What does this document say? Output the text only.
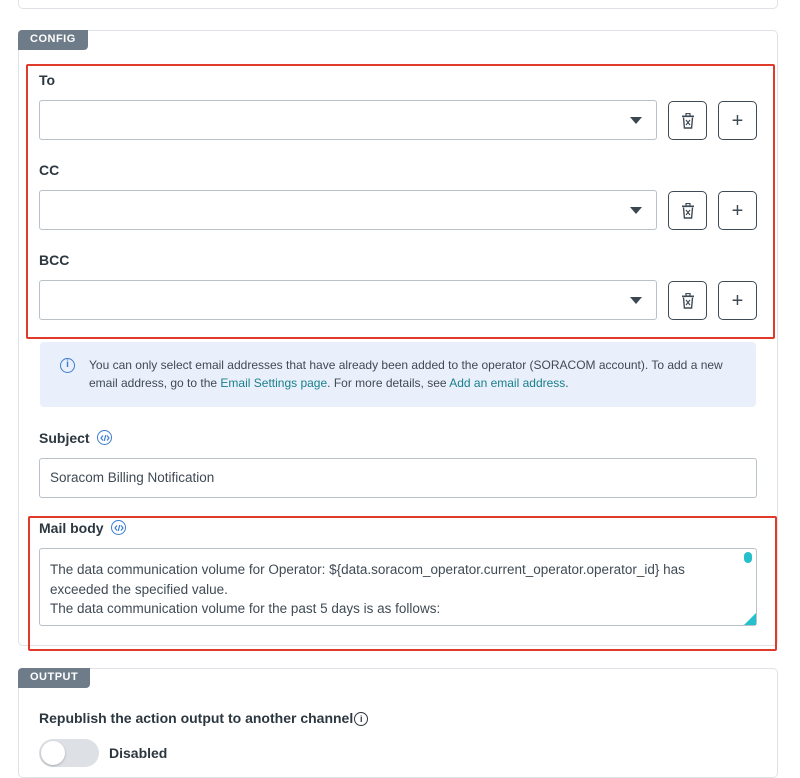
CONFIG
To
+
CC
+
BCC
+
i	You can only select email addresses that have already been added to the operator (SORACOM account). To add a new email address, go to the Email Settings page. For more details, see Add an email address.
Subject
Soracom Billing Notification
Mail body
The data communication volume for Operator: ${data.soracom_operator.current_operator.operator_id} has exceeded the specified value.
The data communication volume for the past 5 days is as follows:
OUTPUT
Republish the action output to another channel i
Disabled
